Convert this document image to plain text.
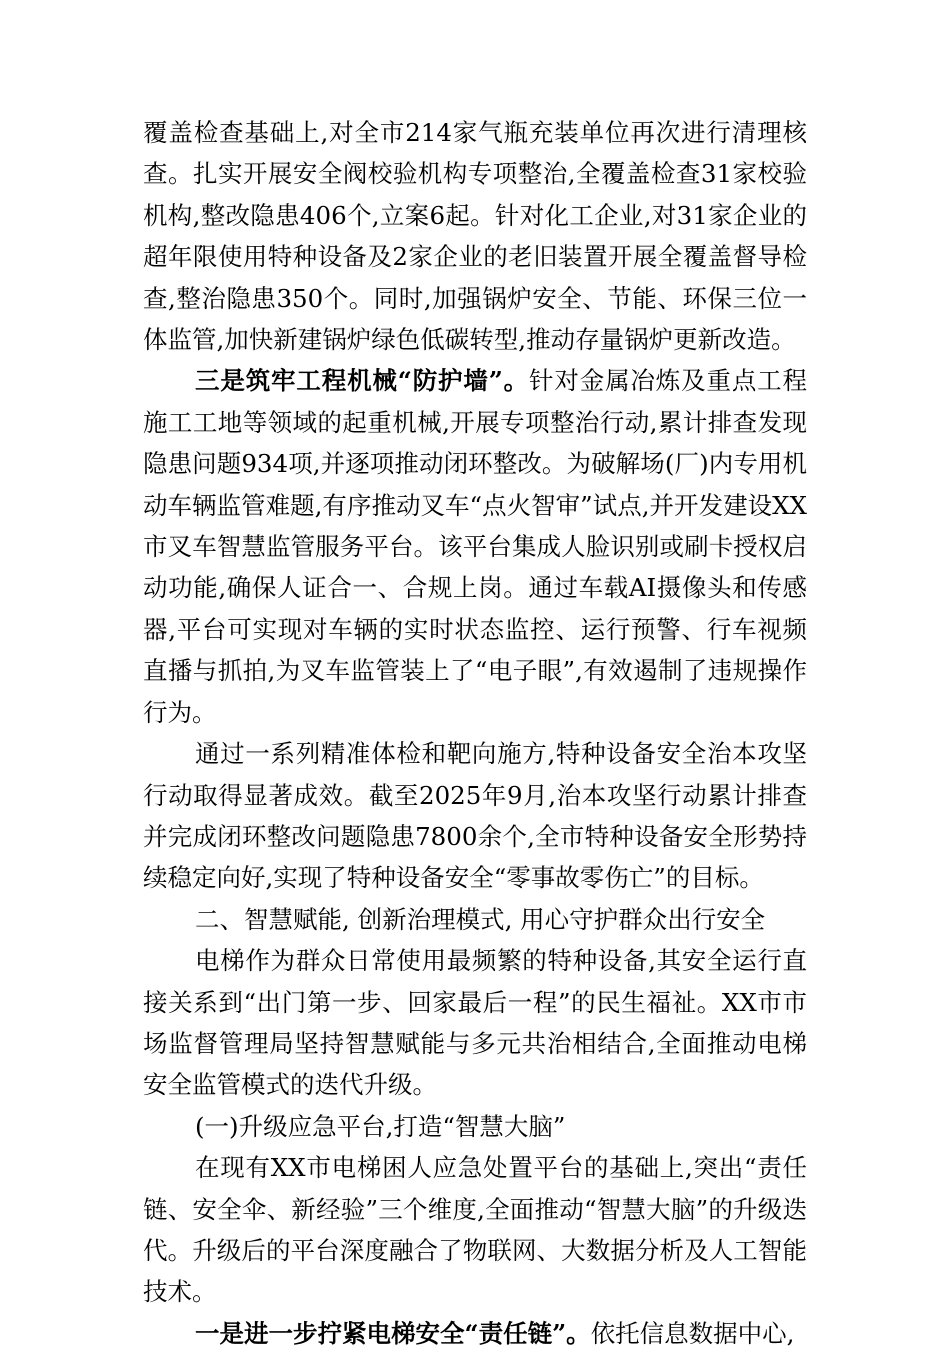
覆盖检查基础上,对全市214家气瓶充装单位再次进行清理核查。扎实开展安全阀校验机构专项整治,全覆盖检查31家校验机构,整改隐患406个,立案6起。针对化工企业,对31家企业的超年限使用特种设备及2家企业的老旧装置开展全覆盖督导检查,整治隐患350个。同时,加强锅炉安全、节能、环保三位一体监管,加快新建锅炉绿色低碳转型,推动存量锅炉更新改造。

三是筑牢工程机械“防护墙”。针对金属冶炼及重点工程施工工地等领域的起重机械,开展专项整治行动,累计排查发现隐患问题934项,并逐项推动闭环整改。为破解场(厂)内专用机动车辆监管难题,有序推动叉车“点火智审”试点,并开发建设XX市叉车智慧监管服务平台。该平台集成人脸识别或刷卡授权启动功能,确保人证合一、合规上岗。通过车载AI摄像头和传感器,平台可实现对车辆的实时状态监控、运行预警、行车视频直播与抓拍,为叉车监管装上了“电子眼”,有效遏制了违规操作行为。

通过一系列精准体检和靶向施方,特种设备安全治本攻坚行动取得显著成效。截至2025年9月,治本攻坚行动累计排查并完成闭环整改问题隐患7800余个,全市特种设备安全形势持续稳定向好,实现了特种设备安全“零事故零伤亡”的目标。

二、智慧赋能, 创新治理模式, 用心守护群众出行安全

电梯作为群众日常使用最频繁的特种设备,其安全运行直接关系到“出门第一步、回家最后一程”的民生福祉。XX市市场监督管理局坚持智慧赋能与多元共治相结合,全面推动电梯安全监管模式的迭代升级。

(一)升级应急平台,打造“智慧大脑”

在现有XX市电梯困人应急处置平台的基础上,突出“责任链、安全伞、新经验”三个维度,全面推动“智慧大脑”的升级迭代。升级后的平台深度融合了物联网、大数据分析及人工智能技术。

一是进一步拧紧电梯安全“责任链”。依托信息数据中心,
